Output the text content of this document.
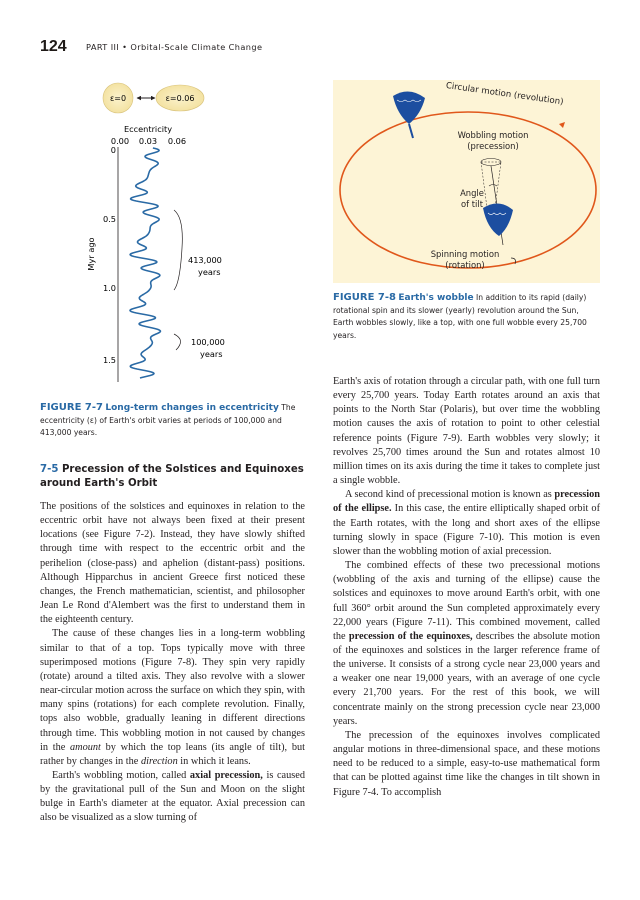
124 PART III • Orbital-Scale Climate Change
ε=0	ε=0.06
Eccentricity
0.00 0.03 0.06
0
0.5
1.0
1.5
Myr ago	413,000
years
100,000
years
FIGURE 7-7 Long-term changes in eccentricity The eccentricity (ε) of Earth's orbit varies at periods of 100,000 and 413,000 years.
7-5 Precession of the Solstices and Equinoxes around Earth's Orbit

The positions of the solstices and equinoxes in relation to the eccentric orbit have not always been fixed at their present locations (see Figure 7-2). Instead, they have slowly shifted through time with respect to the eccentric orbit and the perihelion (close-pass) and aphelion (distant-pass) positions. Although Hipparchus in ancient Greece first noticed these changes, the French mathematician, scientist, and philosopher Jean Le Rond d'Alembert was the first to understand them in the eighteenth century.

The cause of these changes lies in a long-term wobbling similar to that of a top. Tops typically move with three superimposed motions (Figure 7-8). They spin very rapidly (rotate) around a tilted axis. They also revolve with a slower near-circular motion across the surface on which they spin, with many spins (rotations) for each complete revolution. Finally, tops also wobble, gradually leaning in different directions through time. This wobbling motion in not caused by changes in the amount by which the top leans (its angle of tilt), but rather by changes in the direction in which it leans.

Earth's wobbling motion, called axial precession, is caused by the gravitational pull of the Sun and Moon on the slight bulge in Earth's diameter at the equator. Axial precession can also be visualized as a slow turning of

Circular motion (revolution)
Wobbling motion
(precession)
Angle
of tilt
Spinning motion
(rotation)
FIGURE 7-8 Earth's wobble In addition to its rapid (daily) rotational spin and its slower (yearly) revolution around the Sun, Earth wobbles slowly, like a top, with one full wobble every 25,700 years.

Earth's axis of rotation through a circular path, with one full turn every 25,700 years. Today Earth rotates around an axis that points to the North Star (Polaris), but over time the wobbling motion causes the axis of rotation to point to other celestial reference points (Figure 7-9). Earth wobbles very slowly; it revolves 25,700 times around the Sun and rotates almost 10 million times on its axis during the time it takes to complete just a single wobble.

A second kind of precessional motion is known as precession of the ellipse. In this case, the entire elliptically shaped orbit of the Earth rotates, with the long and short axes of the ellipse turning slowly in space (Figure 7-10). This motion is even slower than the wobbling motion of axial precession.

The combined effects of these two precessional motions (wobbling of the axis and turning of the ellipse) cause the solstices and equinoxes to move around Earth's orbit, with one full 360° orbit around the Sun completed approximately every 22,000 years (Figure 7-11). This combined movement, called the precession of the equinoxes, describes the absolute motion of the equinoxes and solstices in the larger reference frame of the universe. It consists of a strong cycle near 23,000 years and a weaker one near 19,000 years, with an average of one cycle every 21,700 years. For the rest of this book, we will concentrate mainly on the strong precession cycle near 23,000 years.

The precession of the equinoxes involves complicated angular motions in three-dimensional space, and these motions need to be reduced to a simple, easy-to-use mathematical form that can be plotted against time like the changes in tilt shown in Figure 7-4. To accomplish
